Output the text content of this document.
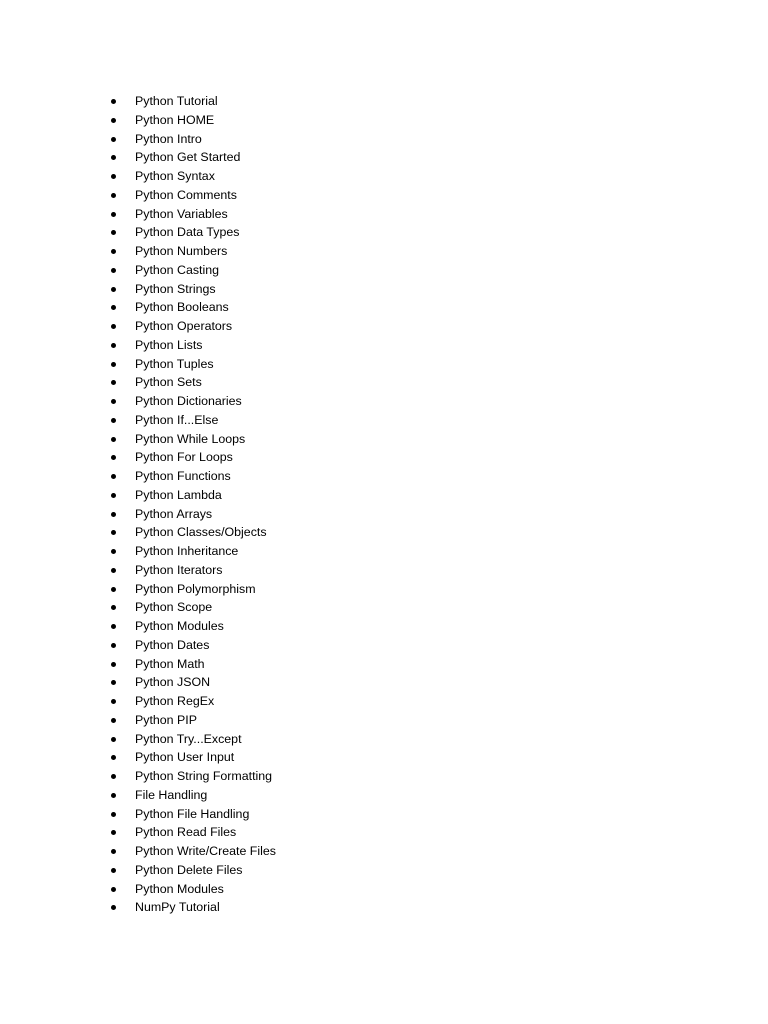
Python Tutorial
Python HOME
Python Intro
Python Get Started
Python Syntax
Python Comments
Python Variables
Python Data Types
Python Numbers
Python Casting
Python Strings
Python Booleans
Python Operators
Python Lists
Python Tuples
Python Sets
Python Dictionaries
Python If...Else
Python While Loops
Python For Loops
Python Functions
Python Lambda
Python Arrays
Python Classes/Objects
Python Inheritance
Python Iterators
Python Polymorphism
Python Scope
Python Modules
Python Dates
Python Math
Python JSON
Python RegEx
Python PIP
Python Try...Except
Python User Input
Python String Formatting
File Handling
Python File Handling
Python Read Files
Python Write/Create Files
Python Delete Files
Python Modules
NumPy Tutorial
